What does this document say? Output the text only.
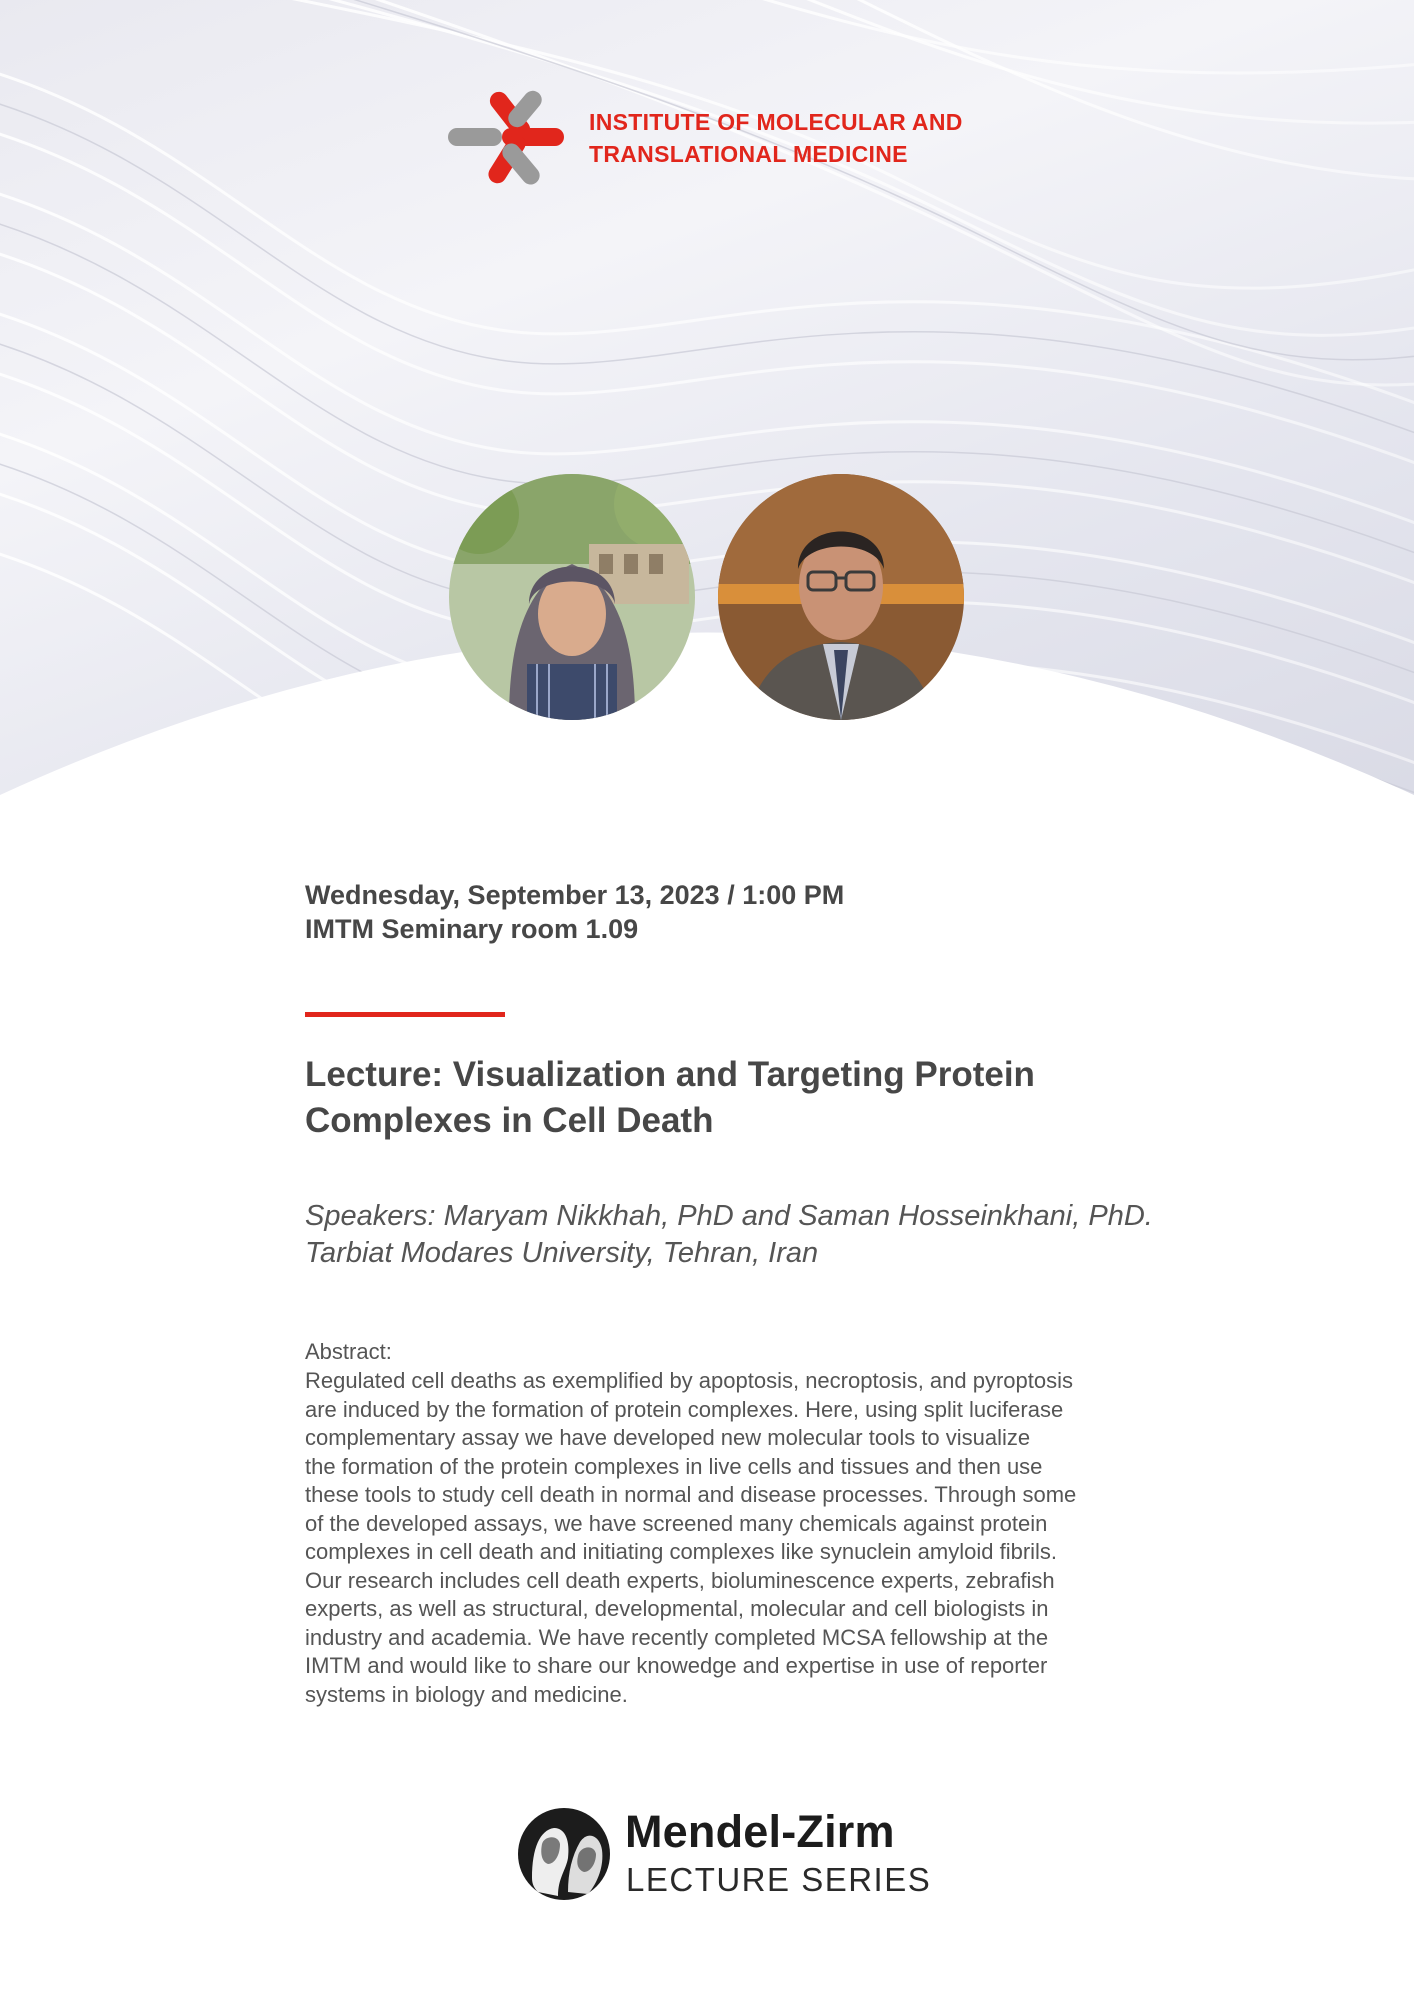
INSTITUTE OF MOLECULAR AND
TRANSLATIONAL MEDICINE
Wednesday, September 13, 2023 / 1:00 PM
IMTM Seminary room 1.09
Lecture: Visualization and Targeting Protein
Complexes in Cell Death
Speakers: Maryam Nikkhah, PhD and Saman Hosseinkhani, PhD.
Tarbiat Modares University, Tehran, Iran
Abstract:
Regulated cell deaths as exemplified by apoptosis, necroptosis, and pyroptosis
are induced by the formation of protein complexes. Here, using split luciferase
complementary assay we have developed new molecular tools to visualize
the formation of the protein complexes in live cells and tissues and then use
these tools to study cell death in normal and disease processes. Through some
of the developed assays, we have screened many chemicals against protein
complexes in cell death and initiating complexes like synuclein amyloid fibrils.
Our research includes cell death experts, bioluminescence experts, zebrafish
experts, as well as structural, developmental, molecular and cell biologists in
industry and academia. We have recently completed MCSA fellowship at the
IMTM and would like to share our knowedge and expertise in use of reporter
systems in biology and medicine.
Mendel-Zirm
LECTURE SERIES
